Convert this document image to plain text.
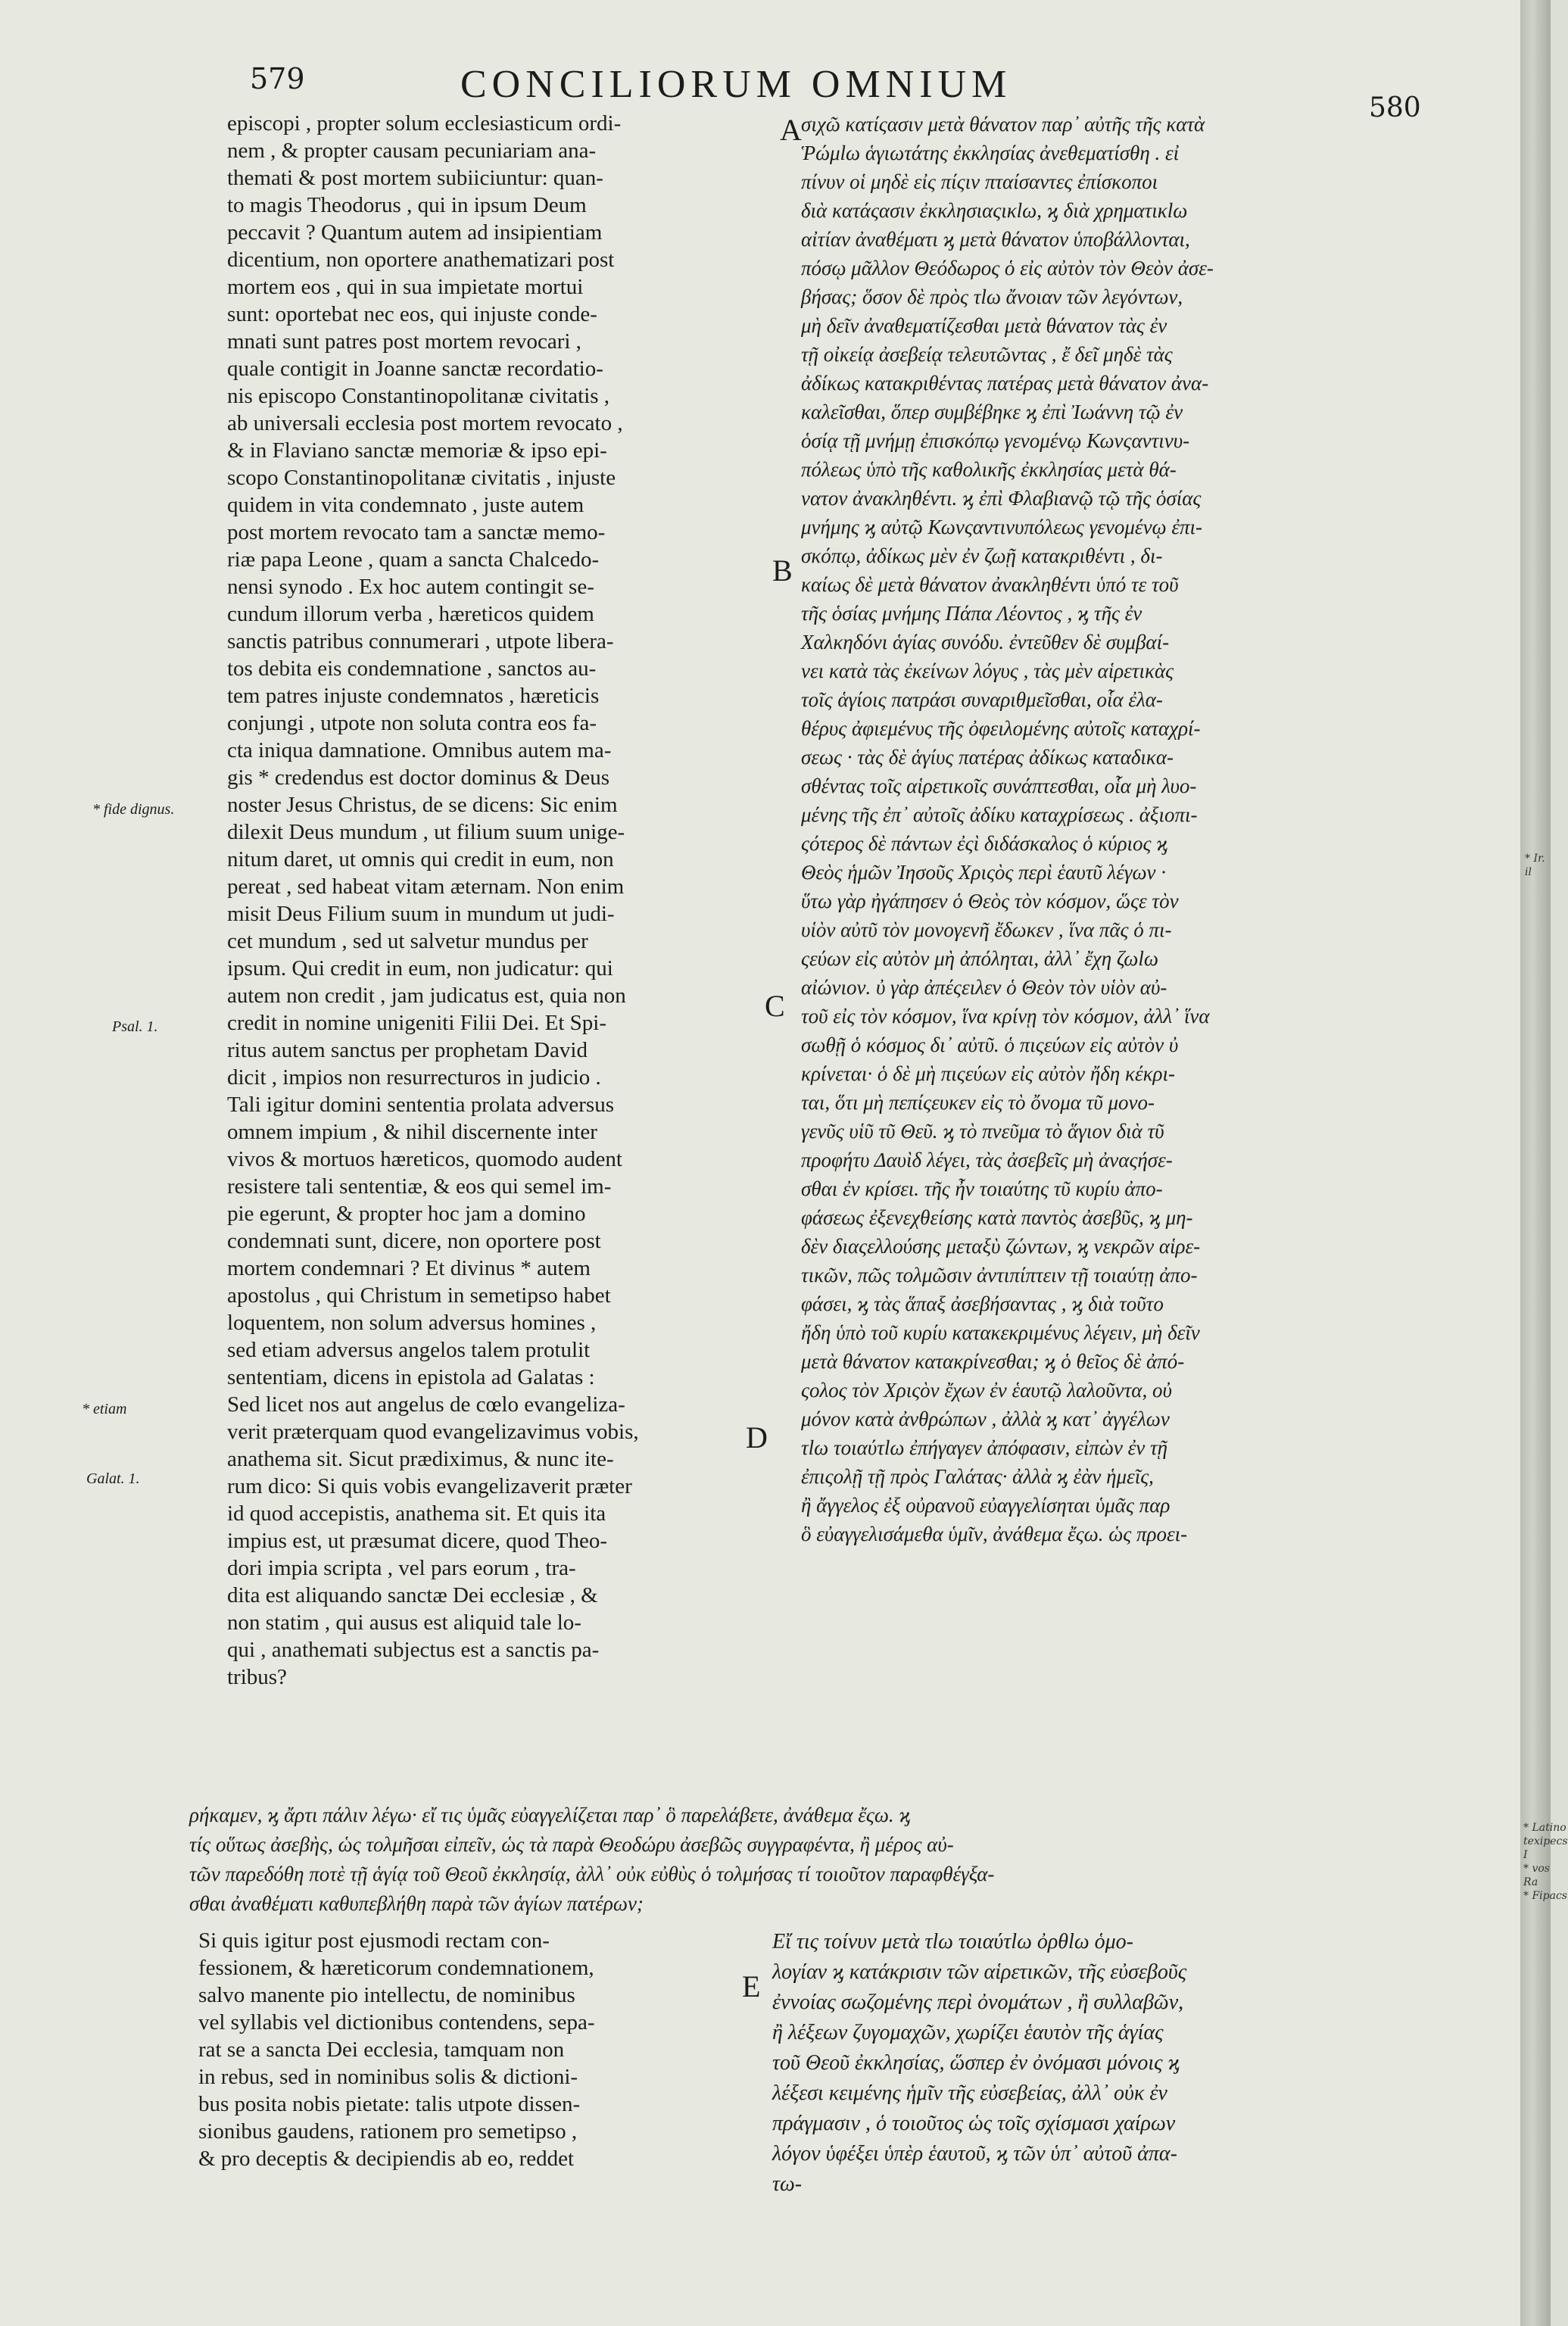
579	CONCILIORUM OMNIUM
580
A
B
C
D
E
* fide dignus.
Psal. 1.
* etiam
Galat. 1.
episcopi , propter solum ecclesiasticum ordi-
nem , & propter causam pecuniariam ana-
themati & post mortem subiiciuntur: quan-
to magis Theodorus , qui in ipsum Deum
peccavit ? Quantum autem ad insipientiam
dicentium, non oportere anathematizari post
mortem eos , qui in sua impietate mortui
sunt: oportebat nec eos, qui injuste conde-
mnati sunt patres post mortem revocari ,
quale contigit in Joanne sanctæ recordatio-
nis episcopo Constantinopolitanæ civitatis ,
ab universali ecclesia post mortem revocato ,
& in Flaviano sanctæ memoriæ & ipso epi-
scopo Constantinopolitanæ civitatis , injuste
quidem in vita condemnato , juste autem
post mortem revocato tam a sanctæ memo-
riæ papa Leone , quam a sancta Chalcedo-
nensi synodo . Ex hoc autem contingit se-
cundum illorum verba , hæreticos quidem
sanctis patribus connumerari , utpote libera-
tos debita eis condemnatione , sanctos au-
tem patres injuste condemnatos , hæreticis
conjungi , utpote non soluta contra eos fa-
cta iniqua damnatione. Omnibus autem ma-
gis * credendus est doctor dominus & Deus
noster Jesus Christus, de se dicens: Sic enim
dilexit Deus mundum , ut filium suum unige-
nitum daret, ut omnis qui credit in eum, non
pereat , sed habeat vitam æternam. Non enim
misit Deus Filium suum in mundum ut judi-
cet mundum , sed ut salvetur mundus per
ipsum. Qui credit in eum, non judicatur: qui
autem non credit , jam judicatus est, quia non
credit in nomine unigeniti Filii Dei. Et Spi-
ritus autem sanctus per prophetam David
dicit , impios non resurrecturos in judicio .
Tali igitur domini sententia prolata adversus
omnem impium , & nihil discernente inter
vivos & mortuos hæreticos, quomodo audent
resistere tali sententiæ, & eos qui semel im-
pie egerunt, & propter hoc jam a domino
condemnati sunt, dicere, non oportere post
mortem condemnari ? Et divinus * autem
apostolus , qui Christum in semetipso habet
loquentem, non solum adversus homines ,
sed etiam adversus angelos talem protulit
sententiam, dicens in epistola ad Galatas :
Sed licet nos aut angelus de cœlo evangeliza-
verit præterquam quod evangelizavimus vobis,
anathema sit. Sicut prædiximus, & nunc ite-
rum dico: Si quis vobis evangelizaverit præter
id quod accepistis, anathema sit. Et quis ita
impius est, ut præsumat dicere, quod Theo-
dori impia scripta , vel pars eorum , tra-
dita est aliquando sanctæ Dei ecclesiæ , &
non statim , qui ausus est aliquid tale lo-
qui , anathemati subjectus est a sanctis pa-
tribus?
σιχῶ κατίςασιν μετὰ θάνατον παρ᾽ αὐτῆς τῆς κατὰ
Ῥώμlω ἁγιωτάτης ἐκκλησίας ἀνεθεματίσθη . εἰ
πίνυν οἱ μηδὲ εἰς πίςιν πταίσαντες ἐπίσκοποι
διὰ κατάςασιν ἐκκλησιαςικlω, ϗ διὰ χρηματικlω
αἰτίαν ἀναθέματι ϗ μετὰ θάνατον ὑποβάλλονται,
πόσῳ μᾶλλον Θεόδωρος ὁ εἰς αὐτὸν τὸν Θεὸν ἀσε-
βήσας; ὅσον δὲ πρὸς τlω ἄνοιαν τῶν λεγόντων,
μὴ δεῖν ἀναθεματίζεσθαι μετὰ θάνατον τὰς ἐν
τῇ οἰκείᾳ ἀσεβείᾳ τελευτῶντας , ἔ δεῖ μηδὲ τὰς
ἀδίκως κατακριθέντας πατέρας μετὰ θάνατον ἀνα-
καλεῖσθαι, ὅπερ συμβέβηκε ϗ ἐπὶ Ἰωάννη τῷ ἐν
ὁσίᾳ τῇ μνήμῃ ἐπισκόπῳ γενομένῳ Κωνςαντινυ-
πόλεως ὑπὸ τῆς καθολικῆς ἐκκλησίας μετὰ θά-
νατον ἀνακληθέντι. ϗ ἐπὶ Φλαβιανῷ τῷ τῆς ὁσίας
μνήμης ϗ αὐτῷ Κωνςαντινυπόλεως γενομένῳ ἐπι-
σκόπῳ, ἀδίκως μὲν ἐν ζωῇ κατακριθέντι , δι-
καίως δὲ μετὰ θάνατον ἀνακληθέντι ὑπό τε τοῦ
τῆς ὁσίας μνήμης Πάπα Λέοντος , ϗ τῆς ἐν
Χαλκηδόνι ἁγίας συνόδυ. ἐντεῦθεν δὲ συμβαί-
νει κατὰ τὰς ἐκείνων λόγυς , τὰς μὲν αἱρετικὰς
τοῖς ἁγίοις πατράσι συναριθμεῖσθαι, οἷα ἐλα-
θέρυς ἀφιεμένυς τῆς ὀφειλομένης αὐτοῖς καταχρί-
σεως · τὰς δὲ ἁγίυς πατέρας ἀδίκως καταδικα-
σθέντας τοῖς αἱρετικοῖς συνάπτεσθαι, οἷα μὴ λυο-
μένης τῆς ἐπ᾽ αὐτοῖς ἀδίκυ καταχρίσεως . ἀξιοπι-
ςότερος δὲ πάντων ἐςὶ διδάσκαλος ὁ κύριος ϗ
Θεὸς ἡμῶν Ἰησοῦς Χριςὸς περὶ ἑαυτῦ λέγων ·
ὕτω γὰρ ἠγάπησεν ὁ Θεὸς τὸν κόσμον, ὥςε τὸν
υἱὸν αὐτῦ τὸν μονογενῆ ἔδωκεν , ἵνα πᾶς ὁ πι-
ςεύων εἰς αὐτὸν μὴ ἀπόληται, ἀλλ᾽ ἔχη ζωlω
αἰώνιον. ὐ γὰρ ἀπέςειλεν ὁ Θεὸν τὸν υἱὸν αὐ-
τοῦ εἰς τὸν κόσμον, ἵνα κρίνῃ τὸν κόσμον, ἀλλ᾽ ἵνα
σωθῇ ὁ κόσμος δι᾽ αὐτῦ. ὁ πιςεύων εἰς αὐτὸν ὐ
κρίνεται· ὁ δὲ μὴ πιςεύων εἰς αὐτὸν ἤδη κέκρι-
ται, ὅτι μὴ πεπίςευκεν εἰς τὸ ὄνομα τῦ μονο-
γενῦς υἱῦ τῦ Θεῦ. ϗ τὸ πνεῦμα τὸ ἅγιον διὰ τῦ
προφήτυ Δαυὶδ λέγει, τὰς ἀσεβεῖς μὴ ἀναςήσε-
σθαι ἐν κρίσει. τῆς ἦν τοιαύτης τῦ κυρίυ ἀπο-
φάσεως ἐξενεχθείσης κατὰ παντὸς ἀσεβῦς, ϗ μη-
δὲν διαςελλούσης μεταξὺ ζώντων, ϗ νεκρῶν αἱρε-
τικῶν, πῶς τολμῶσιν ἀντιπίπτειν τῇ τοιαύτῃ ἀπο-
φάσει, ϗ τὰς ἅπαξ ἀσεβήσαντας , ϗ διὰ τοῦτο
ἤδη ὑπὸ τοῦ κυρίυ κατακεκριμένυς λέγειν, μὴ δεῖν
μετὰ θάνατον κατακρίνεσθαι; ϗ ὁ θεῖος δὲ ἀπό-
ςολος τὸν Χριςὸν ἔχων ἐν ἑαυτῷ λαλοῦντα, οὐ
μόνον κατὰ ἀνθρώπων , ἀλλὰ ϗ κατ᾽ ἀγγέλων
τlω τοιαύτlω ἐπήγαγεν ἀπόφασιν, εἰπὼν ἐν τῇ
ἐπιςολῇ τῇ πρὸς Γαλάτας· ἀλλὰ ϗ ἐὰν ἡμεῖς,
ἢ ἄγγελος ἐξ οὐρανοῦ εὐαγγελίσηται ὑμᾶς παρ
ὃ εὐαγγελισάμεθα ὑμῖν, ἀνάθεμα ἔςω. ὡς προει-
ρήκαμεν, ϗ ἄρτι πάλιν λέγω· εἴ τις ὑμᾶς εὐαγγελίζεται παρ᾽ ὃ παρελάβετε, ἀνάθεμα ἔςω. ϗ
τίς οὕτως ἀσεβὴς, ὡς τολμῆσαι εἰπεῖν, ὡς τὰ παρὰ Θεοδώρυ ἀσεβῶς συγγραφέντα, ἢ μέρος αὐ-
τῶν παρεδόθη ποτὲ τῇ ἁγίᾳ τοῦ Θεοῦ ἐκκλησίᾳ, ἀλλ᾽ οὐκ εὐθὺς ὁ τολμήσας τί τοιοῦτον παραφθέγξα-
σθαι ἀναθέματι καθυπεβλήθη παρὰ τῶν ἁγίων πατέρων;
Si quis igitur post ejusmodi rectam con-
fessionem, & hæreticorum condemnationem,
salvo manente pio intellectu, de nominibus
vel syllabis vel dictionibus contendens, sepa-
rat se a sancta Dei ecclesia, tamquam non
in rebus, sed in nominibus solis & dictioni-
bus posita nobis pietate: talis utpote dissen-
sionibus gaudens, rationem pro semetipso ,
& pro deceptis & decipiendis ab eo, reddet
Εἴ τις τοίνυν μετὰ τlω τοιαύτlω ὀρθlω ὁμο-
λογίαν ϗ κατάκρισιν τῶν αἱρετικῶν, τῆς εὐσεβοῦς
ἐννοίας σωζομένης περὶ ὀνομάτων , ἢ συλλαβῶν,
ἢ λέξεων ζυγομαχῶν, χωρίζει ἑαυτὸν τῆς ἁγίας
τοῦ Θεοῦ ἐκκλησίας, ὥσπερ ἐν ὀνόμασι μόνοις ϗ
λέξεσι κειμένης ἡμῖν τῆς εὐσεβείας, ἀλλ᾽ οὐκ ἐν
πράγμασιν , ὁ τοιοῦτος ὡς τοῖς σχίσμασι χαίρων
λόγον ὑφέξει ὑπὲρ ἑαυτοῦ, ϗ τῶν ὑπ᾽ αὐτοῦ ἀπα-
τω-
* Ir. il
* Latino
texipecs I
* vos Ra
* Fipacs
